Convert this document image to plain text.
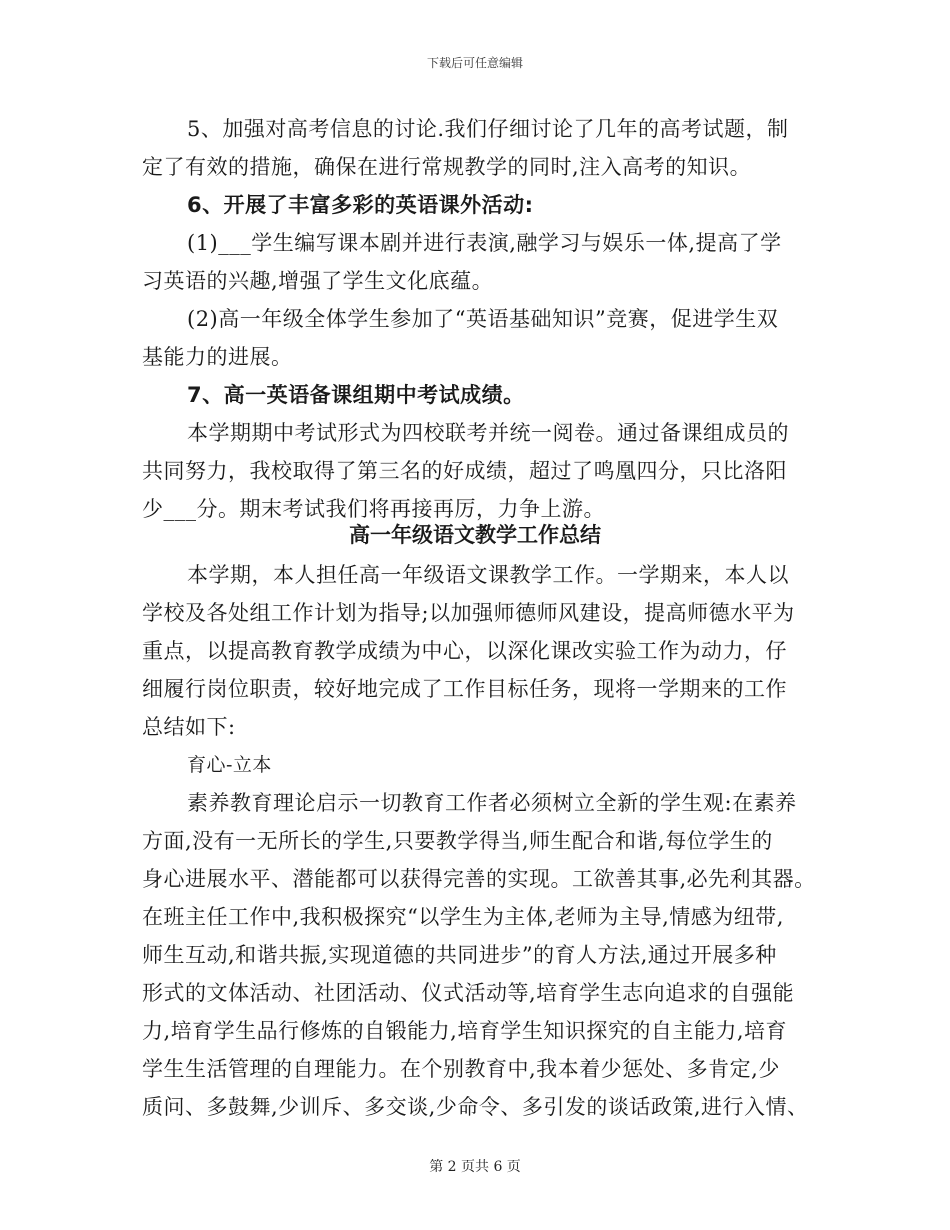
下载后可任意编辑
5、加强对高考信息的讨论.我们仔细讨论了几年的高考试题，制
定了有效的措施，确保在进行常规教学的同时,注入高考的知识。
6、开展了丰富多彩的英语课外活动:
(1)___学生编写课本剧并进行表演,融学习与娱乐一体,提高了学
习英语的兴趣,增强了学生文化底蕴。
(2)高一年级全体学生参加了“英语基础知识”竞赛，促进学生双
基能力的进展。
7、高一英语备课组期中考试成绩。
本学期期中考试形式为四校联考并统一阅卷。通过备课组成员的
共同努力，我校取得了第三名的好成绩，超过了鸣凰四分，只比洛阳
少___分。期末考试我们将再接再厉，力争上游。
高一年级语文教学工作总结
本学期，本人担任高一年级语文课教学工作。一学期来，本人以
学校及各处组工作计划为指导;以加强师德师风建设，提高师德水平为
重点，以提高教育教学成绩为中心，以深化课改实验工作为动力，仔
细履行岗位职责，较好地完成了工作目标任务，现将一学期来的工作
总结如下:
育心-立本
素养教育理论启示一切教育工作者必须树立全新的学生观:在素养
方面,没有一无所长的学生,只要教学得当,师生配合和谐,每位学生的
身心进展水平、潜能都可以获得完善的实现。工欲善其事,必先利其器。
在班主任工作中,我积极探究“以学生为主体,老师为主导,情感为纽带,
师生互动,和谐共振,实现道德的共同进步”的育人方法,通过开展多种
形式的文体活动、社团活动、仪式活动等,培育学生志向追求的自强能
力,培育学生品行修炼的自锻能力,培育学生知识探究的自主能力,培育
学生生活管理的自理能力。在个别教育中,我本着少惩处、多肯定,少
质问、多鼓舞,少训斥、多交谈,少命令、多引发的谈话政策,进行入情、
第 2 页共 6 页
